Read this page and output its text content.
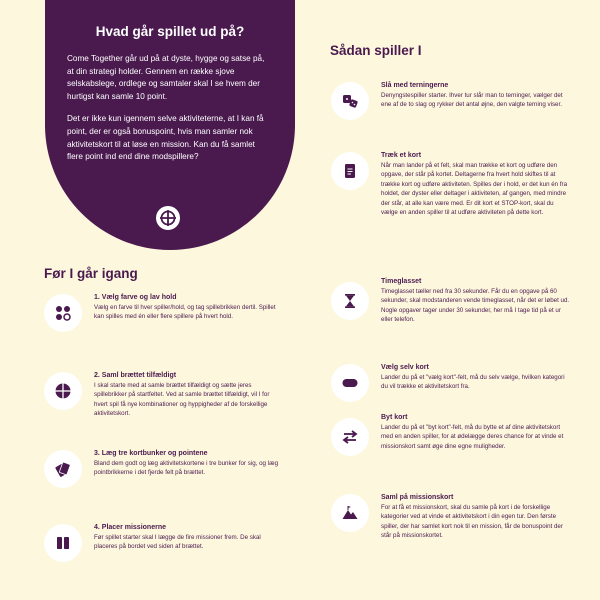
Hvad går spillet ud på?

Come Together går ud på at dyste, hygge og satse på, at din strategi holder. Gennem en række sjove selskabslege, ordlege og samtaler skal I se hvem der hurtigst kan samle 10 point.

Det er ikke kun igennem selve aktiviteterne, at I kan få point, der er også bonuspoint, hvis man samler nok aktivitetskort til at løse en mission. Kan du få samlet flere point ind end dine modspillere?

Før I går igang
1. Vælg farve og lav hold
Vælg en farve til hver spiller/hold, og tag spillebrikken dertil. Spillet kan spilles med én eller flere spillere på hvert hold.
2. Saml brættet tilfældigt
I skal starte med at samle brættet tilfældigt og sætte jeres spillebrikker på startfeltet. Ved at samle brættet tilfældigt, vil I for hvert spil få nye kombinationer og hyppigheder af de forskellige aktivitetskort.
3. Læg tre kortbunker og pointene
Bland dem godt og læg aktivitetskortene i tre bunker for sig, og læg pointbrikkerne i det fjerde felt på brættet.
4. Placer missionerne
Før spillet starter skal I lægge de fire missioner frem. De skal placeres på bordet ved siden af brættet.
Sådan spiller I
Slå med terningerne
Denyngstespiller starter. Ihver tur slår man to terninger, vælger det ene af de to slag og rykker det antal øjne, den valgte terning viser.
Træk et kort
Når man lander på et felt, skal man trække et kort og udføre den opgave, der står på kortet. Deltagerne fra hvert hold skiftes til at trække kort og udføre aktiviteten. Spilles der i hold, er det kun én fra holdet, der dyster eller deltager i aktiviteten, af gangen, med mindre der står, at alle kan være med. Er dit kort et STOP-kort, skal du vælge en anden spiller til at udføre aktiviteten på dette kort.
Timeglasset
Timeglasset tæller ned fra 30 sekunder. Får du en opgave på 60 sekunder, skal modstanderen vende timeglasset, når det er løbet ud. Nogle opgaver tager under 30 sekunder, her må I tage tid på et ur eller telefon.
Vælg selv kort
Lander du på et "vælg kort"-felt, må du selv vælge, hvilken kategori du vil trække et aktivitetskort fra.
Byt kort
Lander du på et "byt kort"-felt, må du bytte et af dine aktivitetskort med en anden spiller, for at ødelægge deres chance for at vinde et missionskort samt øge dine egne muligheder.
Saml på missionskort
For at få et missionskort, skal du samle på kort i de forskellige kategorier ved at vinde et aktivitetskort i din egen tur. Den første spiller, der har samlet kort nok til en mission, får de bonuspoint der står på missionskortet.
